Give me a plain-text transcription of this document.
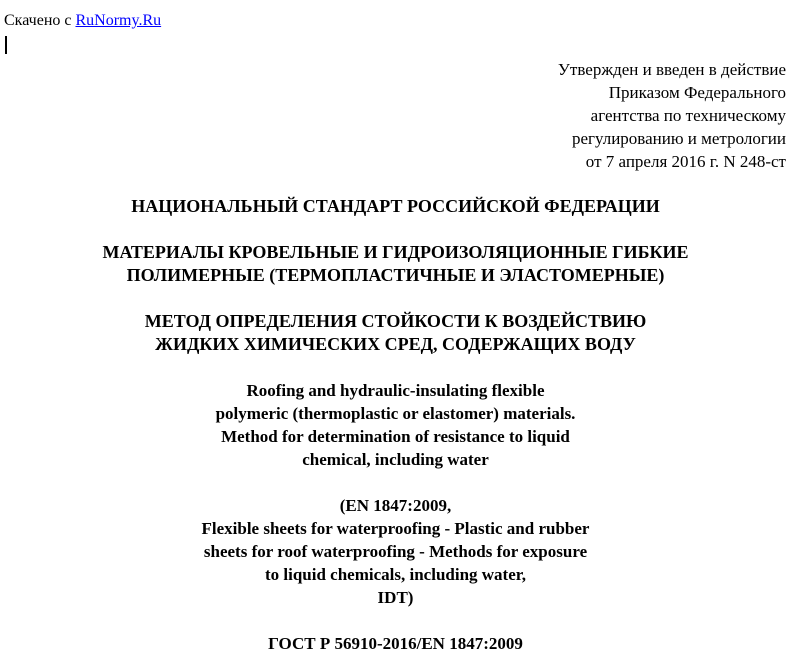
Скачено с RuNormy.Ru
Утвержден и введен в действие
Приказом Федерального
агентства по техническому
регулированию и метрологии
от 7 апреля 2016 г. N 248-ст
НАЦИОНАЛЬНЫЙ СТАНДАРТ РОССИЙСКОЙ ФЕДЕРАЦИИ
МАТЕРИАЛЫ КРОВЕЛЬНЫЕ И ГИДРОИЗОЛЯЦИОННЫЕ ГИБКИЕ
ПОЛИМЕРНЫЕ (ТЕРМОПЛАСТИЧНЫЕ И ЭЛАСТОМЕРНЫЕ)
МЕТОД ОПРЕДЕЛЕНИЯ СТОЙКОСТИ К ВОЗДЕЙСТВИЮ
ЖИДКИХ ХИМИЧЕСКИХ СРЕД, СОДЕРЖАЩИХ ВОДУ
Roofing and hydraulic-insulating flexible
polymeric (thermoplastic or elastomer) materials.
Method for determination of resistance to liquid
chemical, including water
(EN 1847:2009,
Flexible sheets for waterproofing - Plastic and rubber
sheets for roof waterproofing - Methods for exposure
to liquid chemicals, including water,
IDT)
ГОСТ Р 56910-2016/EN 1847:2009
